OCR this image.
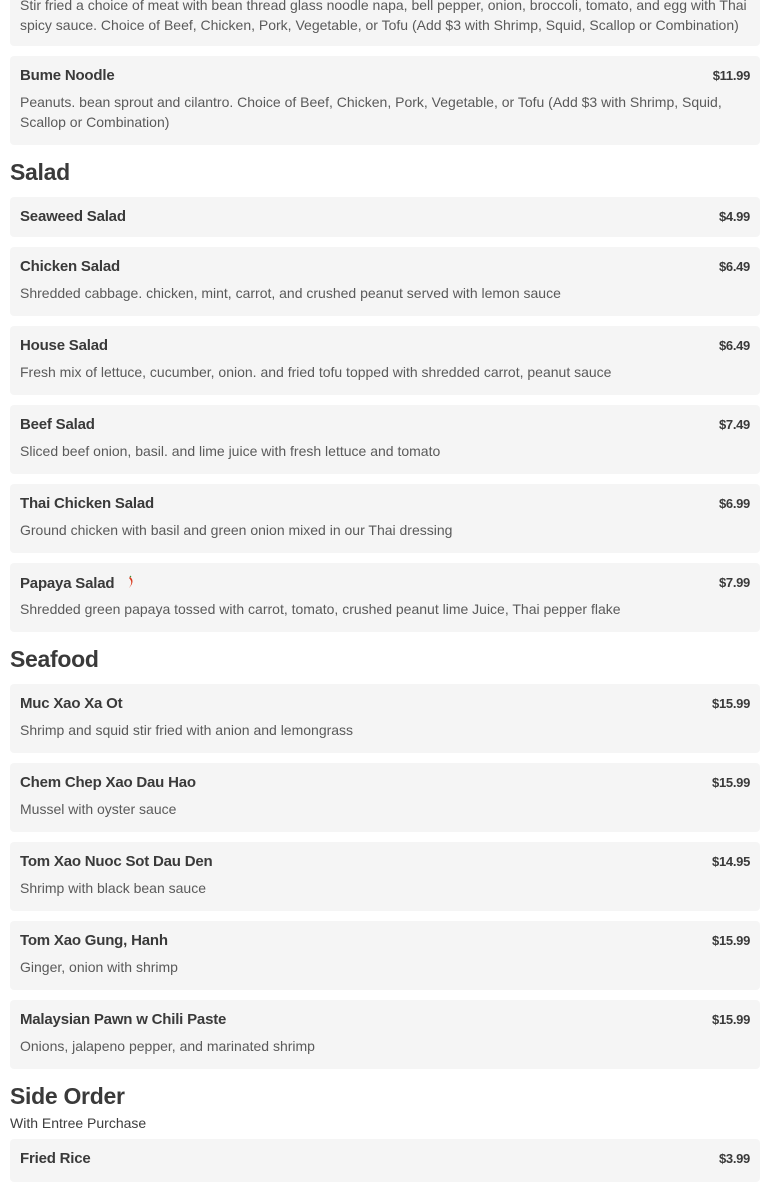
Stir fried a choice of meat with bean thread glass noodle napa, bell pepper, onion, broccoli, tomato, and egg with Thai spicy sauce. Choice of Beef, Chicken, Pork, Vegetable, or Tofu (Add $3 with Shrimp, Squid, Scallop or Combination)
Bume Noodle	$11.99
Peanuts. bean sprout and cilantro. Choice of Beef, Chicken, Pork, Vegetable, or Tofu (Add $3 with Shrimp, Squid, Scallop or Combination)
Salad
Seaweed Salad	$4.99
Chicken Salad	$6.49
Shredded cabbage. chicken, mint, carrot, and crushed peanut served with lemon sauce
House Salad	$6.49
Fresh mix of lettuce, cucumber, onion. and fried tofu topped with shredded carrot, peanut sauce
Beef Salad	$7.49
Sliced beef onion, basil. and lime juice with fresh lettuce and tomato
Thai Chicken Salad	$6.99
Ground chicken with basil and green onion mixed in our Thai dressing
Papaya Salad	$7.99
Shredded green papaya tossed with carrot, tomato, crushed peanut lime Juice, Thai pepper flake
Seafood
Muc Xao Xa Ot	$15.99
Shrimp and squid stir fried with anion and lemongrass
Chem Chep Xao Dau Hao	$15.99
Mussel with oyster sauce
Tom Xao Nuoc Sot Dau Den	$14.95
Shrimp with black bean sauce
Tom Xao Gung, Hanh	$15.99
Ginger, onion with shrimp
Malaysian Pawn w Chili Paste	$15.99
Onions, jalapeno pepper, and marinated shrimp
Side Order
With Entree Purchase
Fried Rice	$3.99
